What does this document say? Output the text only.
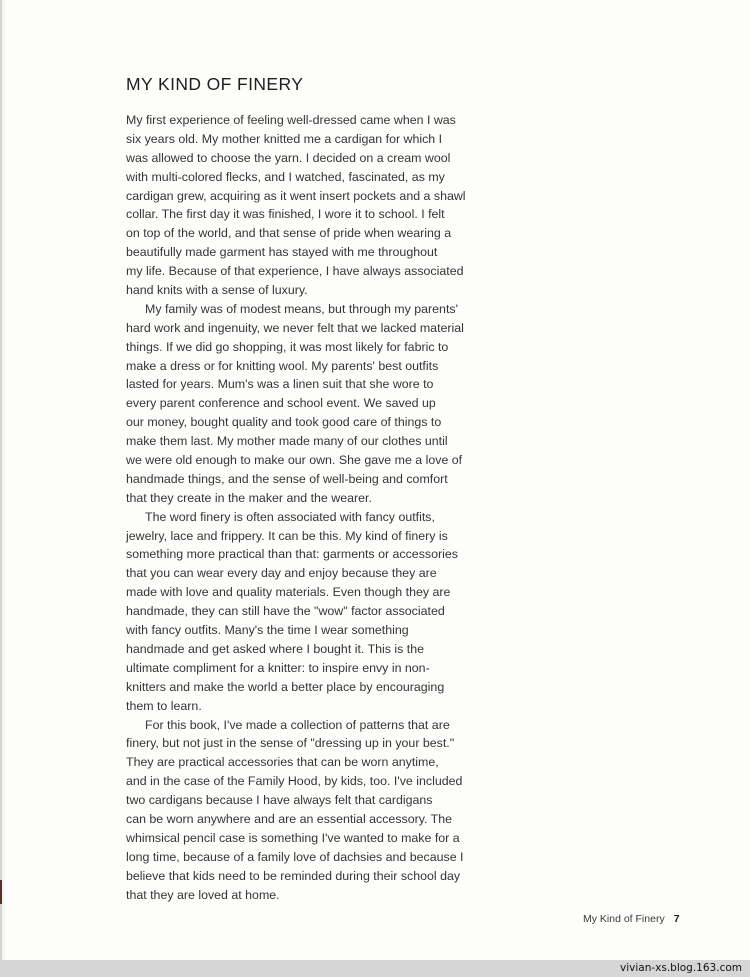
MY KIND OF FINERY
My first experience of feeling well-dressed came when I was
six years old. My mother knitted me a cardigan for which I
was allowed to choose the yarn. I decided on a cream wool
with multi-colored flecks, and I watched, fascinated, as my
cardigan grew, acquiring as it went insert pockets and a shawl
collar. The first day it was finished, I wore it to school. I felt
on top of the world, and that sense of pride when wearing a
beautifully made garment has stayed with me throughout
my life. Because of that experience, I have always associated
hand knits with a sense of luxury.
My family was of modest means, but through my parents'
hard work and ingenuity, we never felt that we lacked material
things. If we did go shopping, it was most likely for fabric to
make a dress or for knitting wool. My parents' best outfits
lasted for years. Mum's was a linen suit that she wore to
every parent conference and school event. We saved up
our money, bought quality and took good care of things to
make them last. My mother made many of our clothes until
we were old enough to make our own. She gave me a love of
handmade things, and the sense of well-being and comfort
that they create in the maker and the wearer.
The word finery is often associated with fancy outfits,
jewelry, lace and frippery. It can be this. My kind of finery is
something more practical than that: garments or accessories
that you can wear every day and enjoy because they are
made with love and quality materials. Even though they are
handmade, they can still have the "wow" factor associated
with fancy outfits. Many's the time I wear something
handmade and get asked where I bought it. This is the
ultimate compliment for a knitter: to inspire envy in non-
knitters and make the world a better place by encouraging
them to learn.
For this book, I've made a collection of patterns that are
finery, but not just in the sense of "dressing up in your best."
They are practical accessories that can be worn anytime,
and in the case of the Family Hood, by kids, too. I've included
two cardigans because I have always felt that cardigans
can be worn anywhere and are an essential accessory. The
whimsical pencil case is something I've wanted to make for a
long time, because of a family love of dachsies and because I
believe that kids need to be reminded during their school day
that they are loved at home.
My Kind of Finery 7
vivian-xs.blog.163.com
